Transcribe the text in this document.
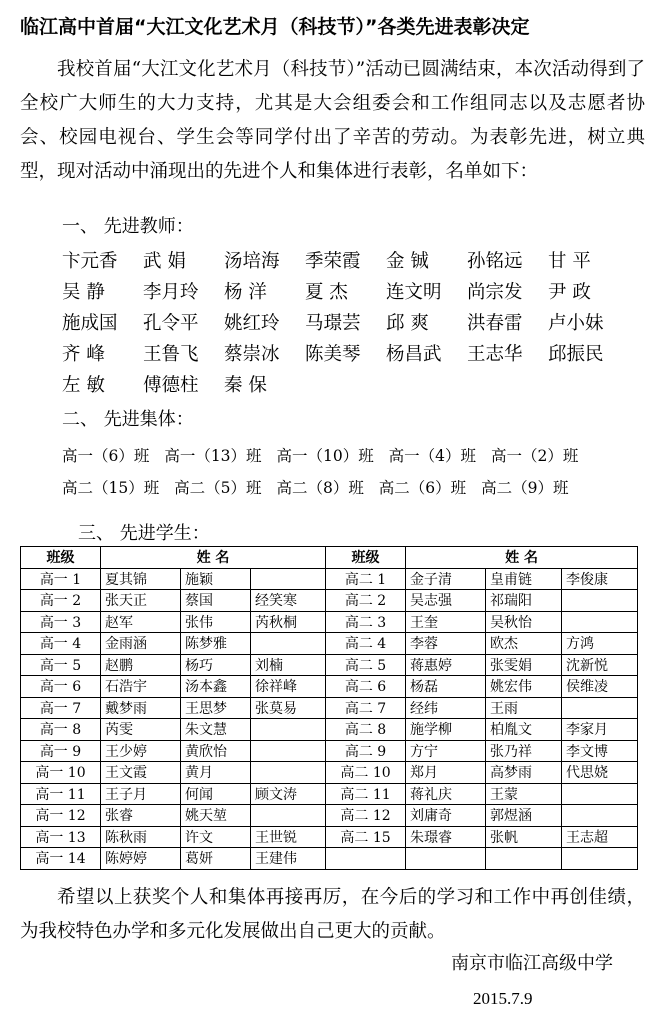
临江高中首届“大江文化艺术月（科技节）”各类先进表彰决定

我校首届“大江文化艺术月（科技节）”活动已圆满结束，本次活动得到了全校广大师生的大力支持，尤其是大会组委会和工作组同志以及志愿者协会、校园电视台、学生会等同学付出了辛苦的劳动。为表彰先进，树立典型，现对活动中涌现出的先进个人和集体进行表彰，名单如下：

一、 先进教师：
卞元香	武 娟	汤培海	季荣霞	金 铖	孙铭远	甘 平
吴 静	李月玲	杨 洋	夏 杰	连文明	尚宗发	尹 政
施成国	孔令平	姚红玲	马璟芸	邱 爽	洪春雷	卢小妹
齐 峰	王鲁飞	蔡崇冰	陈美琴	杨昌武	王志华	邱振民
左 敏	傅德柱	秦 保
二、 先进集体：
高一（6）班 高一（13）班 高一（10）班 高一（4）班 高一（2）班
高二（15）班 高二（5）班 高二（8）班 高二（6）班 高二（9）班
三、 先进学生：
班级	姓 名			班级	姓 名		
高一 1	夏其锦	施颖		高二 1	金子清	皇甫链	李俊康
高一 2	张天正	蔡国	经笑寒	高二 2	吴志强	祁瑞阳	
高一 3	赵军	张伟	芮秋桐	高二 3	王奎	吴秋怡	
高一 4	金雨涵	陈梦雅		高二 4	李蓉	欧杰	方鸿
高一 5	赵鹏	杨巧	刘楠	高二 5	蒋惠婷	张雯娟	沈新悦
高一 6	石浩宇	汤本鑫	徐祥峰	高二 6	杨磊	姚宏伟	侯维凌
高一 7	戴梦雨	王思梦	张莫易	高二 7	经纬	王雨	
高一 8	芮雯	朱文慧		高二 8	施学柳	柏胤文	李家月
高一 9	王少婷	黄欣怡		高二 9	方宁	张乃祥	李文博
高一 10	王文霞	黄月		高二 10	郑月	高梦雨	代思娆
高一 11	王子月	何闻	顾文涛	高二 11	蒋礼庆	王蒙	
高一 12	张睿	姚天堃		高二 12	刘庸奇	郭煜涵	
高一 13	陈秋雨	许文	王世锐	高二 15	朱璟睿	张帆	王志超
高一 14	陈婷婷	葛妍	王建伟				

希望以上获奖个人和集体再接再厉，在今后的学习和工作中再创佳绩，为我校特色办学和多元化发展做出自己更大的贡献。

南京市临江高级中学
2015.7.9
